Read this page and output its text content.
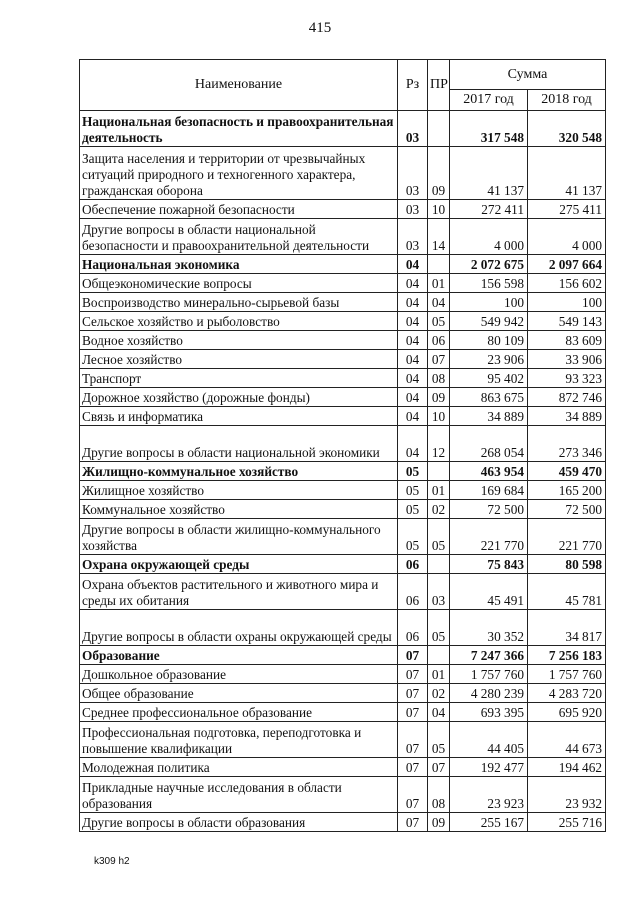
415
Наименование	Рз	ПР	Сумма	
			2017 год	2018 год
Национальная безопасность и правоохранительная деятельность	03		317 548	320 548
Защита населения и территории от чрезвычайных ситуаций природного и техногенного характера, гражданская оборона	03	09	41 137	41 137
Обеспечение пожарной безопасности	03	10	272 411	275 411
Другие вопросы в области национальной безопасности и правоохранительной деятельности	03	14	4 000	4 000
Национальная экономика	04		2 072 675	2 097 664
Общеэкономические вопросы	04	01	156 598	156 602
Воспроизводство минерально-сырьевой базы	04	04	100	100
Сельское хозяйство и рыболовство	04	05	549 942	549 143
Водное хозяйство	04	06	80 109	83 609
Лесное хозяйство	04	07	23 906	33 906
Транспорт	04	08	95 402	93 323
Дорожное хозяйство (дорожные фонды)	04	09	863 675	872 746
Связь и информатика	04	10	34 889	34 889
Другие вопросы в области национальной экономики	04	12	268 054	273 346
Жилищно-коммунальное хозяйство	05		463 954	459 470
Жилищное хозяйство	05	01	169 684	165 200
Коммунальное хозяйство	05	02	72 500	72 500
Другие вопросы в области жилищно-коммунального хозяйства	05	05	221 770	221 770
Охрана окружающей среды	06		75 843	80 598
Охрана объектов растительного и животного мира и среды их обитания	06	03	45 491	45 781
Другие вопросы в области охраны окружающей среды	06	05	30 352	34 817
Образование	07		7 247 366	7 256 183
Дошкольное образование	07	01	1 757 760	1 757 760
Общее образование	07	02	4 280 239	4 283 720
Среднее профессиональное образование	07	04	693 395	695 920
Профессиональная подготовка, переподготовка и повышение квалификации	07	05	44 405	44 673
Молодежная политика	07	07	192 477	194 462
Прикладные научные исследования в области образования	07	08	23 923	23 932
Другие вопросы в области образования	07	09	255 167	255 716
k309 h2
